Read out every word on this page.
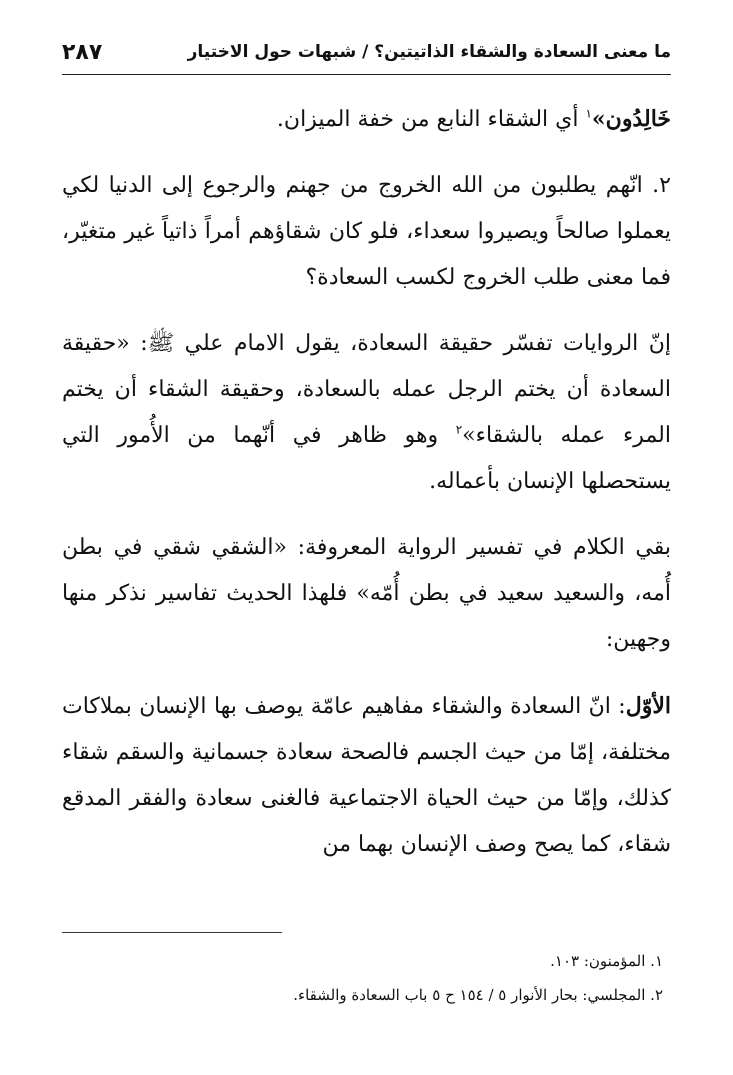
ما معنى السعادة والشقاء الذاتيتين؟ / شبهات حول الاختيار
٢٨٧

خَالِدُون»$^١$ أي الشقاء النابع من خفة الميزان.

٢. انّهم يطلبون من الله الخروج من جهنم والرجوع إلى الدنيا لكي يعملوا صالحاً ويصيروا سعداء، فلو كان شقاؤهم أمراً ذاتياً غير متغيّر، فما معنى طلب الخروج لكسب السعادة؟

إنّ الروايات تفسّر حقيقة السعادة، يقول الامام علي ﷺ: «حقيقة السعادة أن يختم الرجل عمله بالسعادة، وحقيقة الشقاء أن يختم المرء عمله بالشقاء»$^٢$ وهو ظاهر في أنّهما من الأُمور التي يستحصلها الإنسان بأعماله.

بقي الكلام في تفسير الرواية المعروفة: «الشقي شقي في بطن أُمه، والسعيد سعيد في بطن أُمّه» فلهذا الحديث تفاسير نذكر منها وجهين:

الأوّل: انّ السعادة والشقاء مفاهيم عامّة يوصف بها الإنسان بملاكات مختلفة، إمّا من حيث الجسم فالصحة سعادة جسمانية والسقم شقاء كذلك، وإمّا من حيث الحياة الاجتماعية فالغنى سعادة والفقر المدقع شقاء، كما يصح وصف الإنسان بهما من

١. المؤمنون: ١٠٣.

٢. المجلسي: بحار الأنوار ٥ / ١٥٤ ح ٥ باب السعادة والشقاء.
